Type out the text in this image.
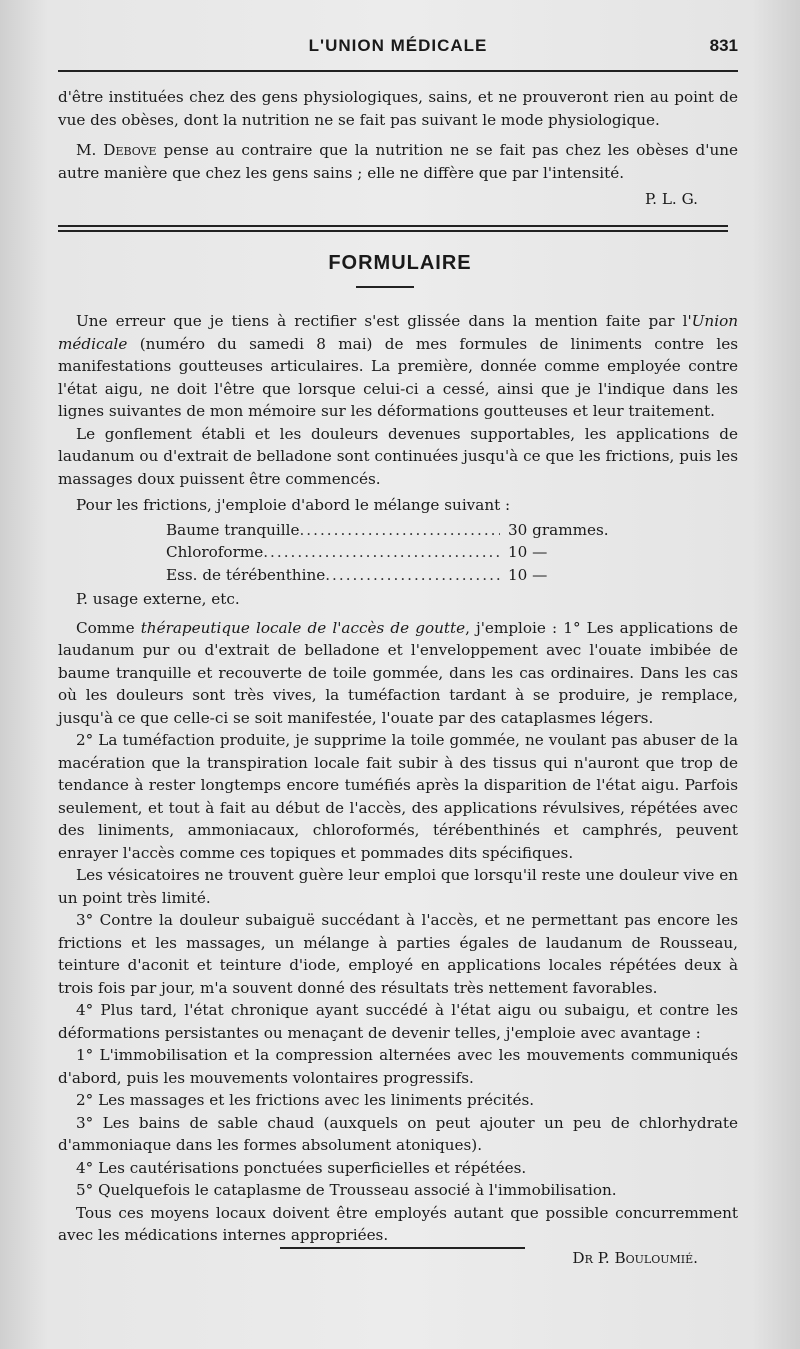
L'UNION MÉDICALE	831

d'être instituées chez des gens physiologiques, sains, et ne prouveront rien au point de vue des obèses, dont la nutrition ne se fait pas suivant le mode physiologique.

M. Debove pense au contraire que la nutrition ne se fait pas chez les obèses d'une autre manière que chez les gens sains ; elle ne diffère que par l'intensité.

P. L. G.

FORMULAIRE

Une erreur que je tiens à rectifier s'est glissée dans la mention faite par l'Union médicale (numéro du samedi 8 mai) de mes formules de liniments contre les manifestations goutteuses articulaires. La première, donnée comme employée contre l'état aigu, ne doit l'être que lorsque celui-ci a cessé, ainsi que je l'indique dans les lignes suivantes de mon mémoire sur les déformations goutteuses et leur traitement.

Le gonflement établi et les douleurs devenues supportables, les applications de laudanum ou d'extrait de belladone sont continuées jusqu'à ce que les frictions, puis les massages doux puissent être commencés.

Pour les frictions, j'emploie d'abord le mélange suivant :

Baume tranquille .....	30 grammes.
Chloroforme .....	10 —
Ess. de térébenthine .....	10 —

P. usage externe, etc.

Comme thérapeutique locale de l'accès de goutte, j'emploie : 1° Les applications de laudanum pur ou d'extrait de belladone et l'enveloppement avec l'ouate imbibée de baume tranquille et recouverte de toile gommée, dans les cas ordinaires. Dans les cas où les douleurs sont très vives, la tuméfaction tardant à se produire, je remplace, jusqu'à ce que celle-ci se soit manifestée, l'ouate par des cataplasmes légers.

2° La tuméfaction produite, je supprime la toile gommée, ne voulant pas abuser de la macération que la transpiration locale fait subir à des tissus qui n'auront que trop de tendance à rester longtemps encore tuméfiés après la disparition de l'état aigu. Parfois seulement, et tout à fait au début de l'accès, des applications révulsives, répétées avec des liniments, ammoniacaux, chloroformés, térébenthinés et camphrés, peuvent enrayer l'accès comme ces topiques et pommades dits spécifiques.

Les vésicatoires ne trouvent guère leur emploi que lorsqu'il reste une douleur vive en un point très limité.

3° Contre la douleur subaiguë succédant à l'accès, et ne permettant pas encore les frictions et les massages, un mélange à parties égales de laudanum de Rousseau, teinture d'aconit et teinture d'iode, employé en applications locales répétées deux à trois fois par jour, m'a souvent donné des résultats très nettement favorables.

4° Plus tard, l'état chronique ayant succédé à l'état aigu ou subaigu, et contre les déformations persistantes ou menaçant de devenir telles, j'emploie avec avantage :

1° L'immobilisation et la compression alternées avec les mouvements communiqués d'abord, puis les mouvements volontaires progressifs.

2° Les massages et les frictions avec les liniments précités.

3° Les bains de sable chaud (auxquels on peut ajouter un peu de chlorhydrate d'ammoniaque dans les formes absolument atoniques).

4° Les cautérisations ponctuées superficielles et répétées.

5° Quelquefois le cataplasme de Trousseau associé à l'immobilisation.

Tous ces moyens locaux doivent être employés autant que possible concurremment avec les médications internes appropriées.

Dr P. Bouloumié.
